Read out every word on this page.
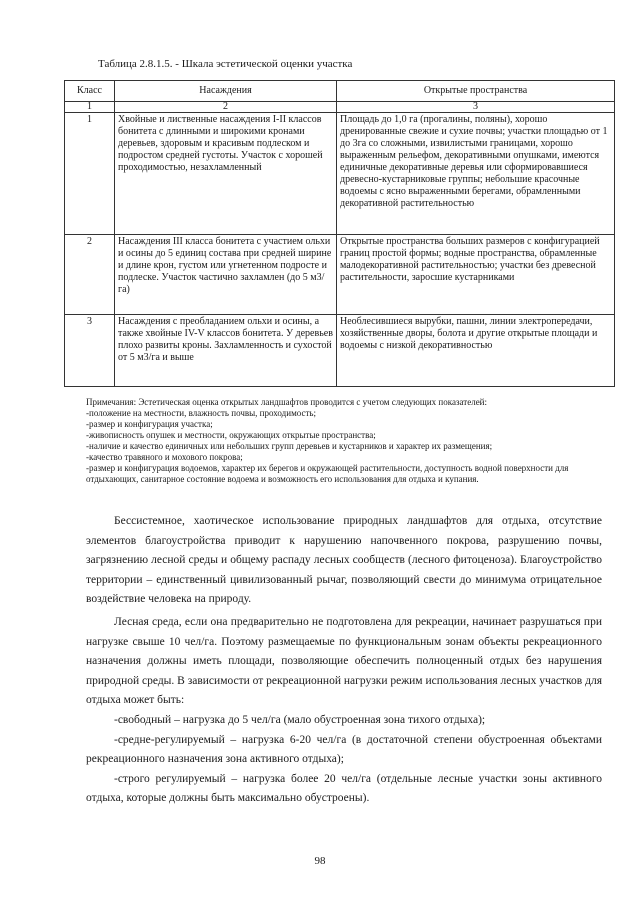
Таблица 2.8.1.5. - Шкала эстетической оценки участка
Класс	Насаждения	Открытые пространства
1	2	3
1	Хвойные и лиственные насаждения I-II классов бонитета с длинными и широкими кронами деревьев, здоровым и красивым подлеском и подростом средней густоты. Участок с хорошей проходимостью, незахламленный	Площадь до 1,0 га (прогалины, поляны), хорошо дренированные свежие и сухие почвы; участки площадью от 1 до 3га со сложными, извилистыми границами, хорошо выраженным рельефом, декоративными опушками, имеются единичные декоративные деревья или сформировавшиеся древесно-кустарниковые группы; небольшие красочные водоемы с ясно выраженными берегами, обрамленными декоративной растительностью
2	Насаждения III класса бонитета с участием ольхи и осины до 5 единиц состава при средней ширине и длине крон, густом или угнетенном подросте и подлеске. Участок частично захламлен (до 5 м3/га)	Открытые пространства больших размеров с конфигурацией границ простой формы; водные пространства, обрамленные малодекоративной растительностью; участки без древесной растительности, заросшие кустарниками
3	Насаждения с преобладанием ольхи и осины, а также хвойные IV-V классов бонитета. У деревьев плохо развиты кроны. Захламленность и сухостой от 5 м3/га и выше	Необлесившиеся вырубки, пашни, линии электропередачи, хозяйственные дворы, болота и другие открытые площади и водоемы с низкой декоративностью

Примечания: Эстетическая оценка открытых ландшафтов проводится с учетом следующих показателей:

-положение на местности, влажность почвы, проходимость;

-размер и конфигурация участка;

-живописность опушек и местности, окружающих открытые пространства;

-наличие и качество единичных или небольших групп деревьев и кустарников и характер их размещения;

-качество травяного и мохового покрова;

-размер и конфигурация водоемов, характер их берегов и окружающей растительности, доступность водной поверхности для отдыхающих, санитарное состояние водоема и возможность его использования для отдыха и купания.

Бессистемное, хаотическое использование природных ландшафтов для отдыха, отсутствие элементов благоустройства приводит к нарушению напочвенного покрова, разрушению почвы, загрязнению лесной среды и общему распаду лесных сообществ (лесного фитоценоза). Благоустройство территории – единственный цивилизованный рычаг, позволяющий свести до минимума отрицательное воздействие человека на природу.

Лесная среда, если она предварительно не подготовлена для рекреации, начинает разрушаться при нагрузке свыше 10 чел/га. Поэтому размещаемые по функциональным зонам объекты рекреационного назначения должны иметь площади, позволяющие обеспечить полноценный отдых без нарушения природной среды. В зависимости от рекреационной нагрузки режим использования лесных участков для отдыха может быть:

-свободный – нагрузка до 5 чел/га (мало обустроенная зона тихого отдыха);

-средне-регулируемый – нагрузка 6-20 чел/га (в достаточной степени обустроенная объектами рекреационного назначения зона активного отдыха);

-строго регулируемый – нагрузка более 20 чел/га (отдельные лесные участки зоны активного отдыха, которые должны быть максимально обустроены).

98
